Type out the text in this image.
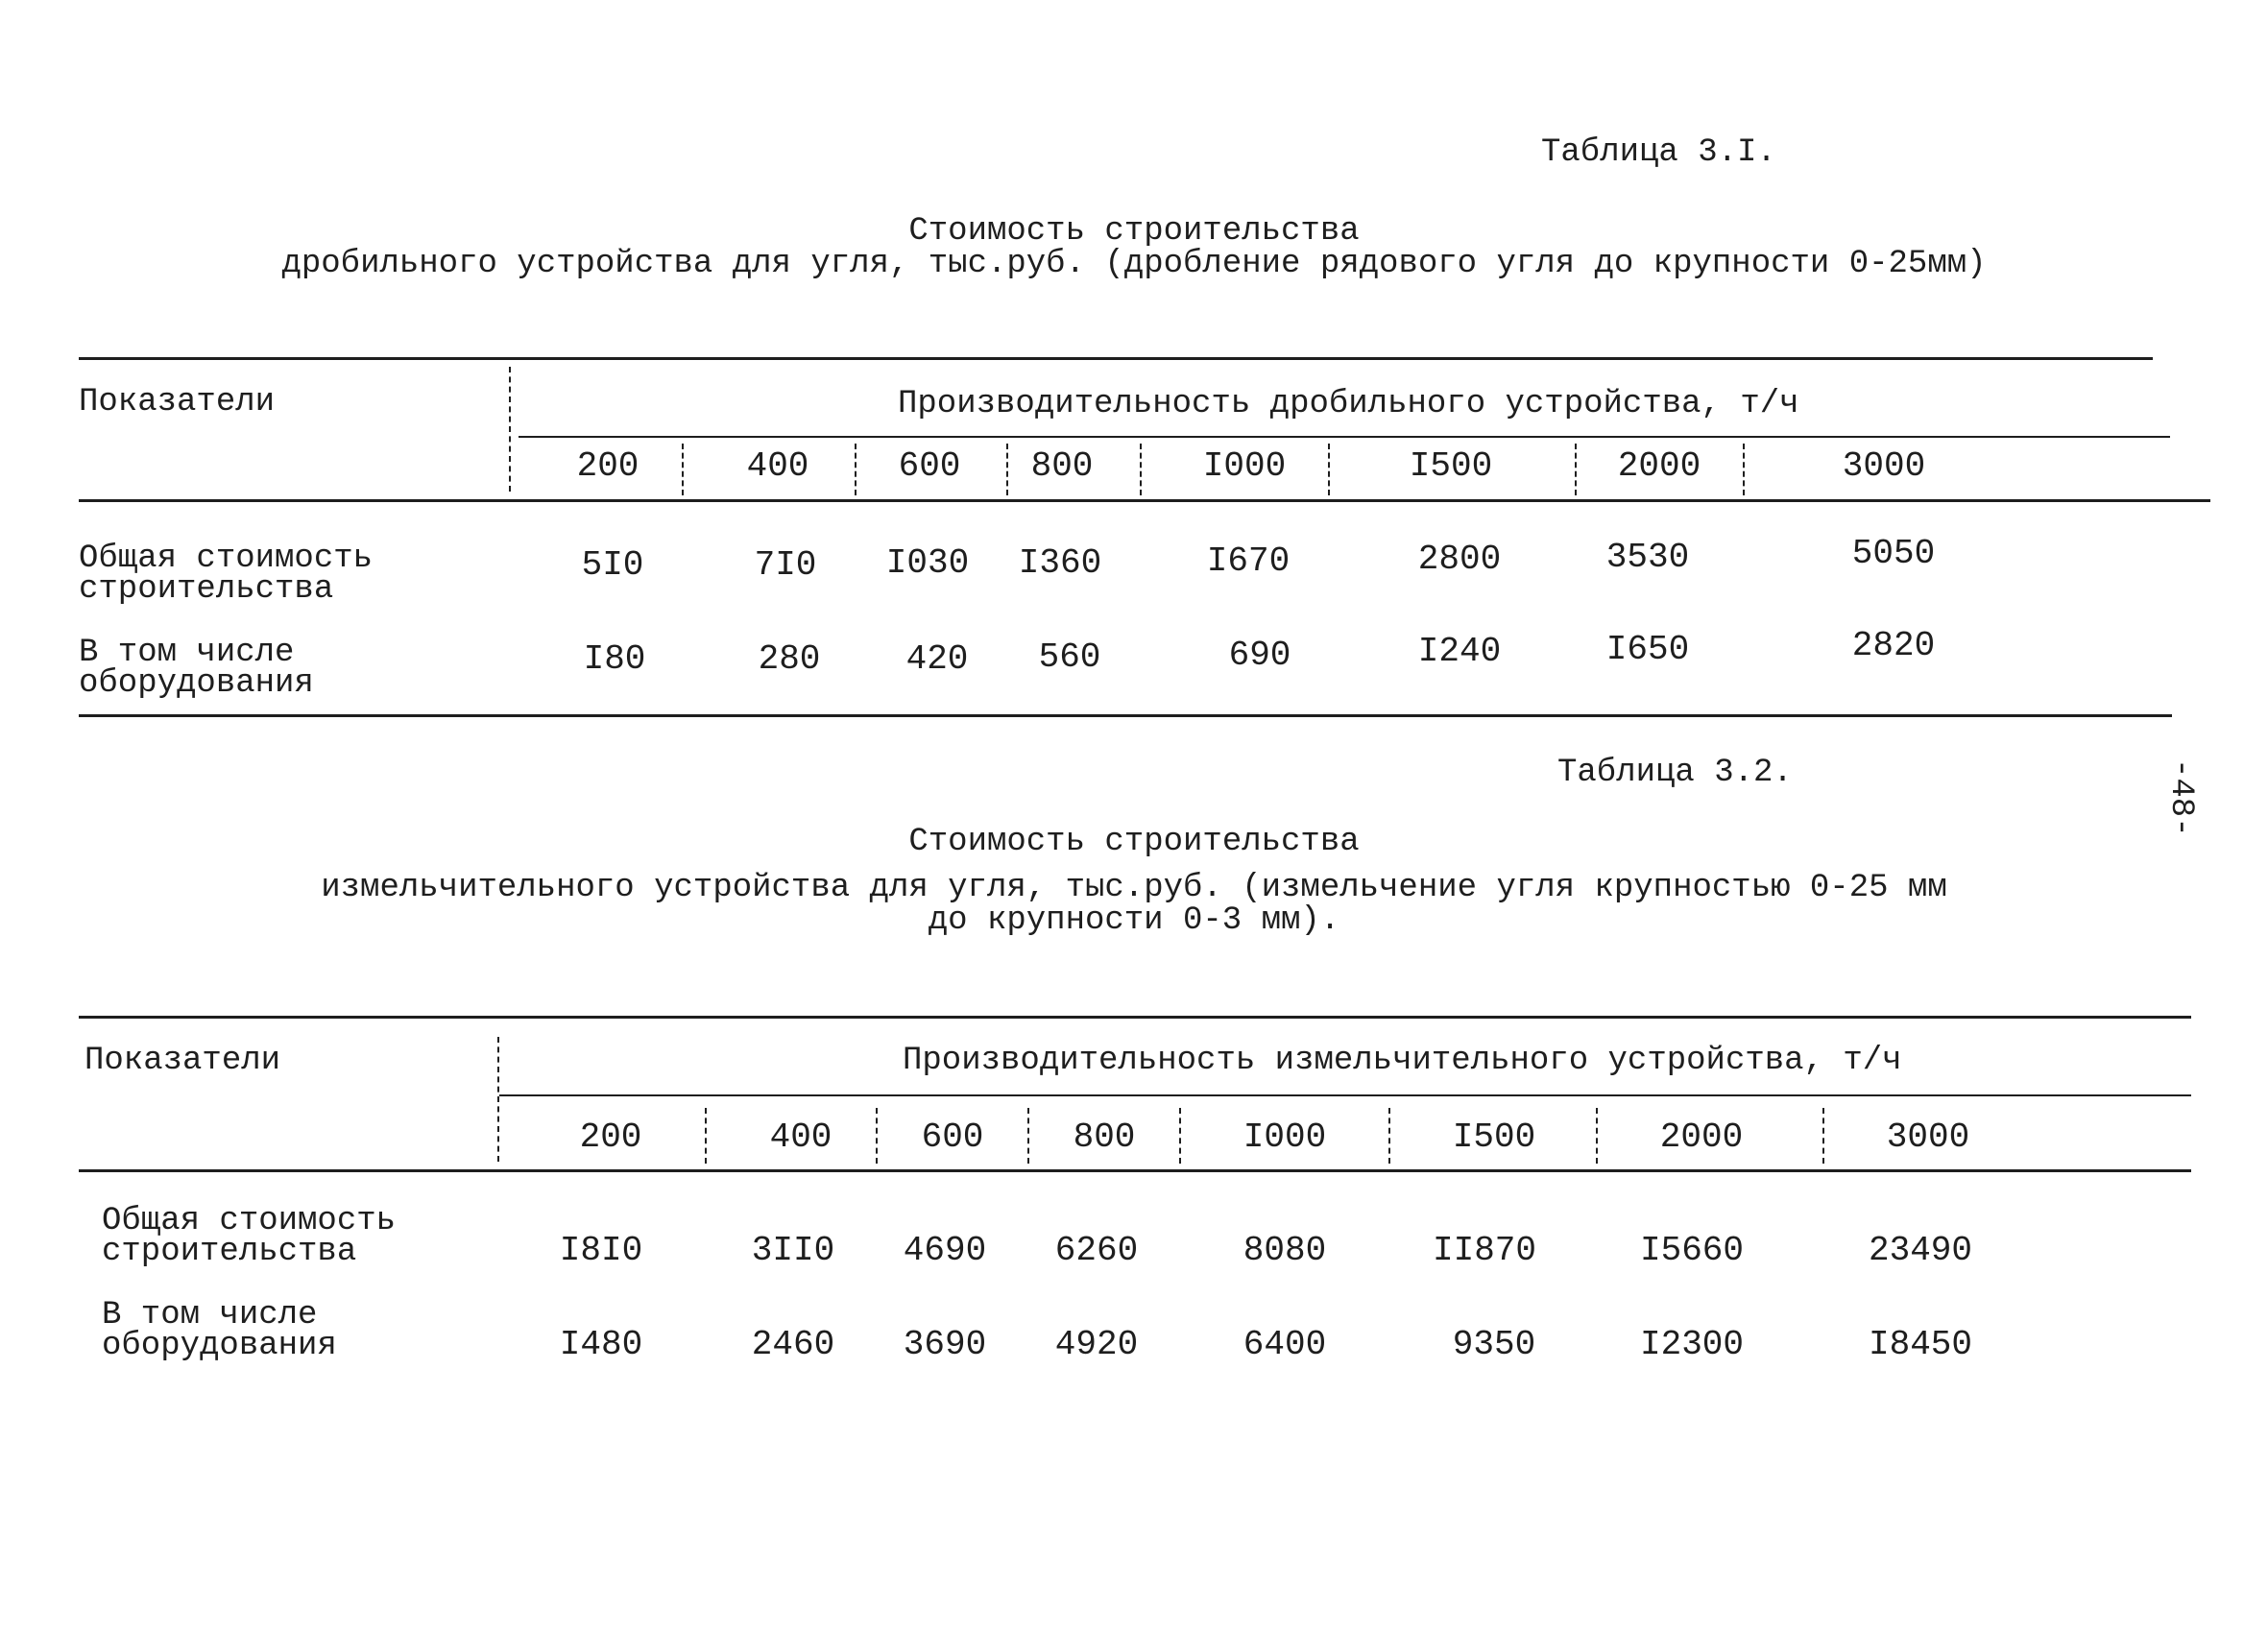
-48-
Таблица 3.I.
Стоимость строительства
дробильного устройства для угля, тыс.руб. (дробление рядового угля до крупности 0-25мм)
Показатели	Производительность дробильного устройства, т/ч
200	400	600	800	I000	I500	2000	3000
Общая стоимость
строительства
5I0	7I0	I030	I360	I670	2800	3530	5050
В том числе
оборудования
I80	280	420	560	690	I240	I650	2820
Таблица 3.2.
Стоимость строительства
измельчительного устройства для угля, тыс.руб. (измельчение угля крупностью 0-25 мм
до крупности 0-3 мм).
Показатели	Производительность измельчительного устройства, т/ч
200	400	600	800	I000	I500	2000	3000
Общая стоимость
строительства	I8I0	3II0	4690	6260	8080	II870	I5660	23490
В том числе
оборудования	I480	2460	3690	4920	6400	9350	I2300	I8450
